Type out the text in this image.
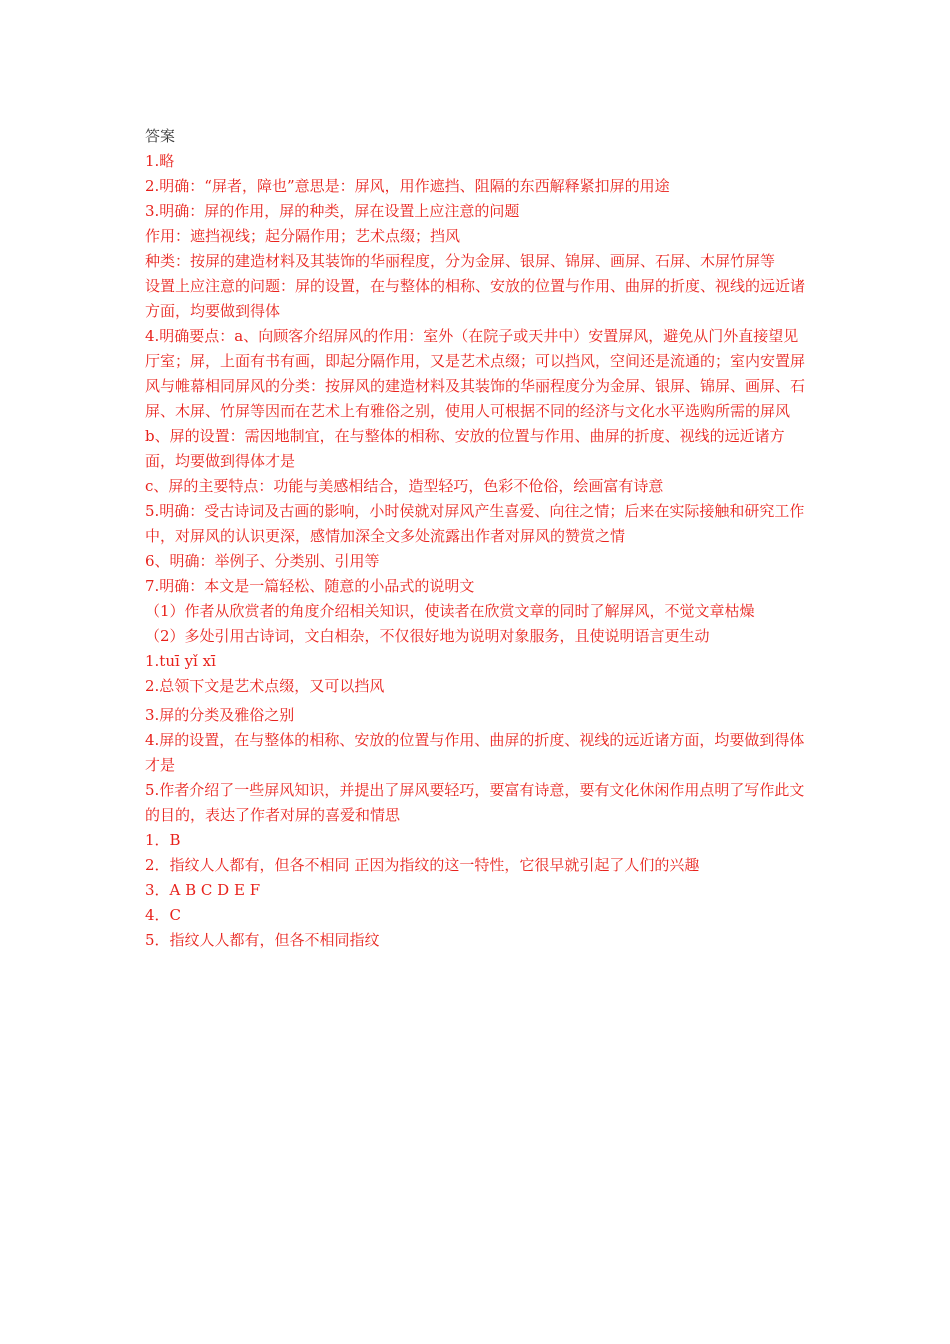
答案

1.略

2.明确：“屏者，障也”意思是：屏风，用作遮挡、阻隔的东西解释紧扣屏的用途

3.明确：屏的作用，屏的种类，屏在设置上应注意的问题

作用：遮挡视线；起分隔作用；艺术点缀；挡风

种类：按屏的建造材料及其装饰的华丽程度，分为金屏、银屏、锦屏、画屏、石屏、木屏竹屏等

设置上应注意的问题：屏的设置，在与整体的相称、安放的位置与作用、曲屏的折度、视线的远近诸方面，均要做到得体

4.明确要点：a、向顾客介绍屏风的作用：室外（在院子或天井中）安置屏风，避免从门外直接望见厅室；屏，上面有书有画，即起分隔作用，又是艺术点缀；可以挡风，空间还是流通的；室内安置屏风与帷幕相同屏风的分类：按屏风的建造材料及其装饰的华丽程度分为金屏、银屏、锦屏、画屏、石屏、木屏、竹屏等因而在艺术上有雅俗之别，使用人可根据不同的经济与文化水平选购所需的屏风

b、屏的设置：需因地制宜，在与整体的相称、安放的位置与作用、曲屏的折度、视线的远近诸方面，均要做到得体才是

c、屏的主要特点：功能与美感相结合，造型轻巧，色彩不伧俗，绘画富有诗意

5.明确：受古诗词及古画的影响，小时侯就对屏风产生喜爱、向往之情；后来在实际接触和研究工作中，对屏风的认识更深，感情加深全文多处流露出作者对屏风的赞赏之情

6、明确：举例子、分类别、引用等

7.明确：本文是一篇轻松、随意的小品式的说明文

（1）作者从欣赏者的角度介绍相关知识，使读者在欣赏文章的同时了解屏风，不觉文章枯燥

（2）多处引用古诗词，文白相杂，不仅很好地为说明对象服务，且使说明语言更生动

1.tuī yǐ xī

2.总领下文是艺术点缀，又可以挡风

3.屏的分类及雅俗之别

4.屏的设置，在与整体的相称、安放的位置与作用、曲屏的折度、视线的远近诸方面，均要做到得体才是

5.作者介绍了一些屏风知识，并提出了屏风要轻巧，要富有诗意，要有文化休闲作用点明了写作此文的目的，表达了作者对屏的喜爱和情思

1．B

2．指纹人人都有，但各不相同 正因为指纹的这一特性，它很早就引起了人们的兴趣

3．A B C D E F

4．C

5．指纹人人都有，但各不相同指纹
